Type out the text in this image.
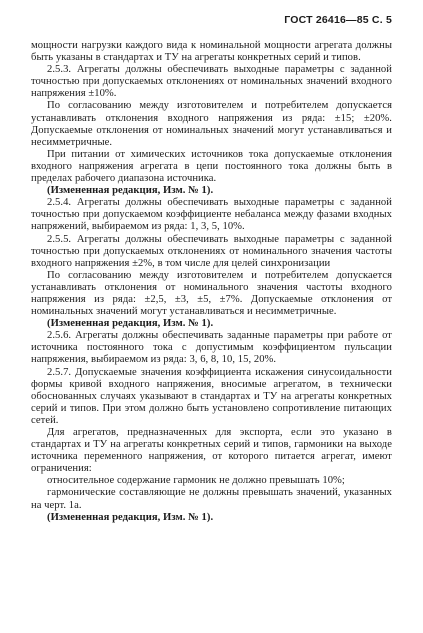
ГОСТ 26416—85 С. 5

мощности нагрузки каждого вида к номинальной мощности агрегата должны быть указаны в стандартах и ТУ на агрегаты конкретных серий и типов.

2.5.3. Агрегаты должны обеспечивать выходные параметры с заданной точностью при допускаемых отклонениях от номинальных значений входного напряжения ±10%.

По согласованию между изготовителем и потребителем допускается устанавливать отклонения входного напряжения из ряда: ±15; ±20%. Допускаемые отклонения от номинальных значений могут устанавливаться и несимметричные.

При питании от химических источников тока допускаемые отклонения входного напряжения агрегата в цепи постоянного тока должны быть в пределах рабочего диапазона источника.

(Измененная редакция, Изм. № 1).

2.5.4. Агрегаты должны обеспечивать выходные параметры с заданной точностью при допускаемом коэффициенте небаланса между фазами входных напряжений, выбираемом из ряда: 1, 3, 5, 10%.

2.5.5. Агрегаты должны обеспечивать выходные параметры с заданной точностью при допускаемых отклонениях от номинального значения частоты входного напряжения ±2%, в том числе для целей синхронизации

По согласованию между изготовителем и потребителем допускается устанавливать отклонения от номинального значения частоты входного напряжения из ряда: ±2,5, ±3, ±5, ±7%. Допускаемые отклонения от номинальных значений могут устанавливаться и несимметричные.

(Измененная редакция, Изм. № 1).

2.5.6. Агрегаты должны обеспечивать заданные параметры при работе от источника постоянного тока с допустимым коэффициентом пульсации напряжения, выбираемом из ряда: 3, 6, 8, 10, 15, 20%.

2.5.7. Допускаемые значения коэффициента искажения синусоидальности формы кривой входного напряжения, вносимые агрегатом, в технически обоснованных случаях указывают в стандартах и ТУ на агрегаты конкретных серий и типов. При этом должно быть установлено сопротивление питающих сетей.

Для агрегатов, предназначенных для экспорта, если это указано в стандартах и ТУ на агрегаты конкретных серий и типов, гармоники на выходе источника переменного напряжения, от которого питается агрегат, имеют ограничения:

относительное содержание гармоник не должно превышать 10%;

гармонические составляющие не должны превышать значений, указанных на черт. 1а.

(Измененная редакция, Изм. № 1).
